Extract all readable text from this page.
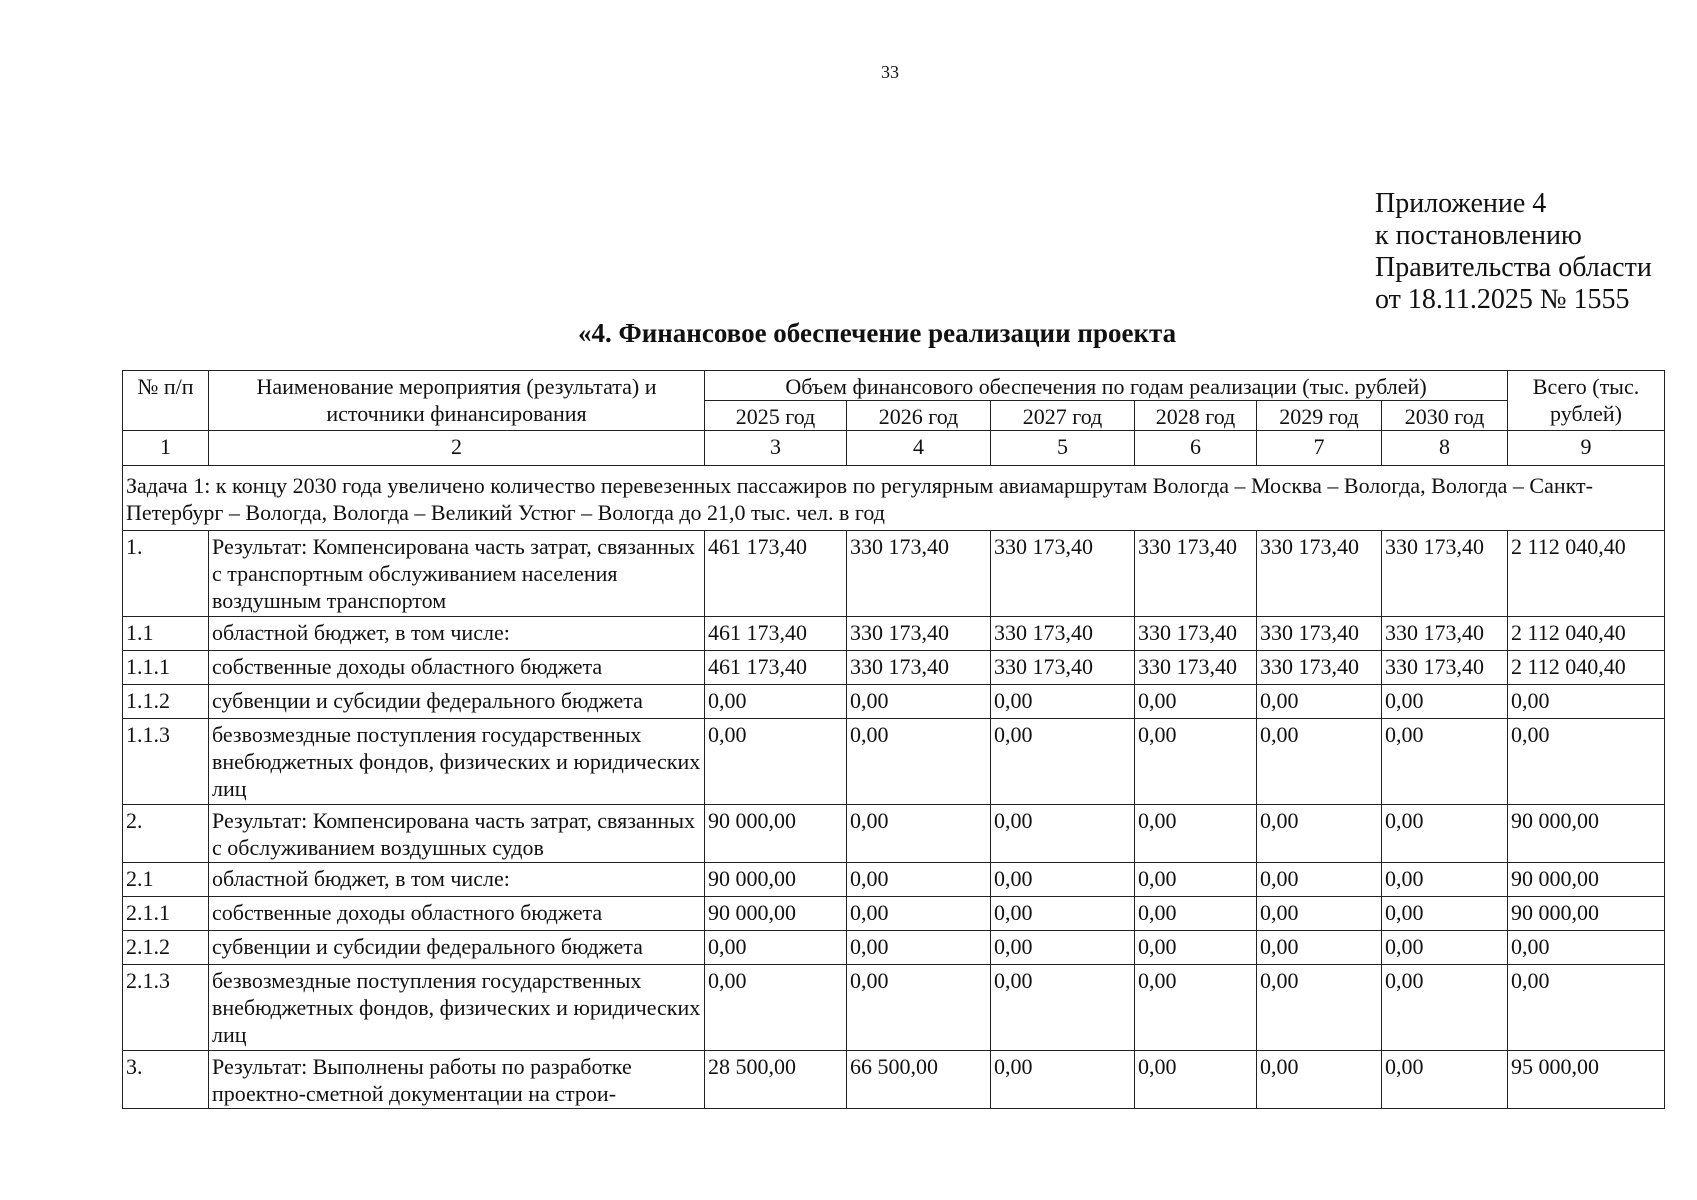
33
Приложение 4
к постановлению
Правительства области
от 18.11.2025 № 1555
«4. Финансовое обеспечение реализации проекта
№ п/п	Наименование мероприятия (результата) и источники финансирования	Объем финансового обеспечения по годам реализации (тыс. рублей)						Всего (тыс. рублей)
		2025 год	2026 год	2027 год	2028 год	2029 год	2030 год	
1	2	3	4	5	6	7	8	9
Задача 1: к концу 2030 года увеличено количество перевезенных пассажиров по регулярным авиамаршрутам Вологда – Москва – Вологда, Вологда – Санкт-Петербург – Вологда, Вологда – Великий Устюг – Вологда до 21,0 тыс. чел. в год								
1.	Результат: Компенсирована часть затрат, связанных с транспортным обслуживанием населения воздушным транспортом	461 173,40	330 173,40	330 173,40	330 173,40	330 173,40	330 173,40	2 112 040,40
1.1	областной бюджет, в том числе:	461 173,40	330 173,40	330 173,40	330 173,40	330 173,40	330 173,40	2 112 040,40
1.1.1	собственные доходы областного бюджета	461 173,40	330 173,40	330 173,40	330 173,40	330 173,40	330 173,40	2 112 040,40
1.1.2	субвенции и субсидии федерального бюджета	0,00	0,00	0,00	0,00	0,00	0,00	0,00
1.1.3	безвозмездные поступления государственных внебюджетных фондов, физических и юридических лиц	0,00	0,00	0,00	0,00	0,00	0,00	0,00
2.	Результат: Компенсирована часть затрат, связанных с обслуживанием воздушных судов	90 000,00	0,00	0,00	0,00	0,00	0,00	90 000,00
2.1	областной бюджет, в том числе:	90 000,00	0,00	0,00	0,00	0,00	0,00	90 000,00
2.1.1	собственные доходы областного бюджета	90 000,00	0,00	0,00	0,00	0,00	0,00	90 000,00
2.1.2	субвенции и субсидии федерального бюджета	0,00	0,00	0,00	0,00	0,00	0,00	0,00
2.1.3	безвозмездные поступления государственных внебюджетных фондов, физических и юридических лиц	0,00	0,00	0,00	0,00	0,00	0,00	0,00
3.	Результат: Выполнены работы по разработке проектно-сметной документации на строи-	28 500,00	66 500,00	0,00	0,00	0,00	0,00	95 000,00
